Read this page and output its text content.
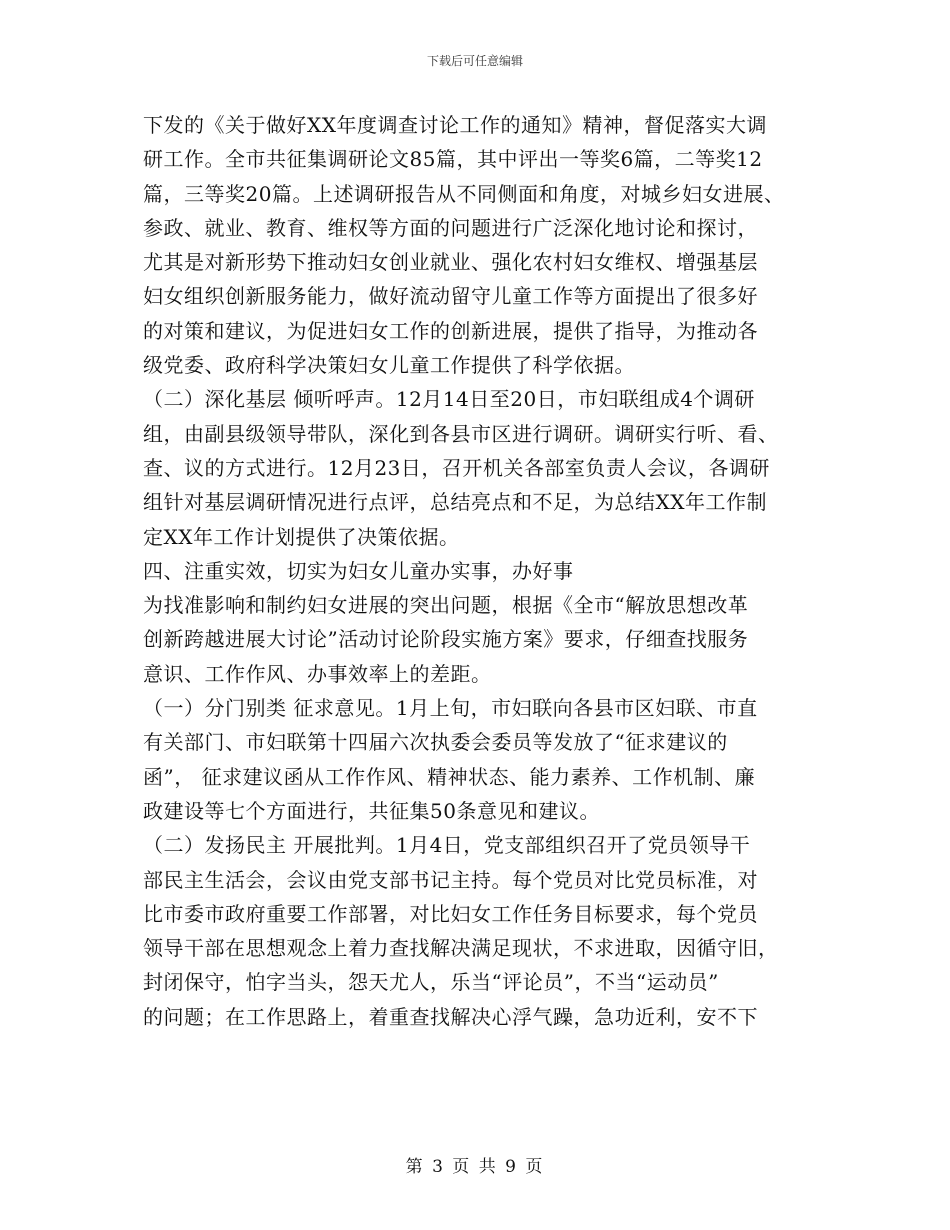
下载后可任意编辑
下发的《关于做好XX年度调查讨论工作的通知》精神，督促落实大调
研工作。全市共征集调研论文85篇，其中评出一等奖6篇，二等奖12
篇，三等奖20篇。上述调研报告从不同侧面和角度，对城乡妇女进展、
参政、就业、教育、维权等方面的问题进行广泛深化地讨论和探讨，
尤其是对新形势下推动妇女创业就业、强化农村妇女维权、增强基层
妇女组织创新服务能力，做好流动留守儿童工作等方面提出了很多好
的对策和建议，为促进妇女工作的创新进展，提供了指导，为推动各
级党委、政府科学决策妇女儿童工作提供了科学依据。
（二）深化基层 倾听呼声。12月14日至20日，市妇联组成4个调研
组，由副县级领导带队，深化到各县市区进行调研。调研实行听、看、
查、议的方式进行。12月23日，召开机关各部室负责人会议，各调研
组针对基层调研情况进行点评，总结亮点和不足，为总结XX年工作制
定XX年工作计划提供了决策依据。
四、注重实效，切实为妇女儿童办实事，办好事
为找准影响和制约妇女进展的突出问题，根据《全市“解放思想改革
创新跨越进展大讨论”活动讨论阶段实施方案》要求，仔细查找服务
意识、工作作风、办事效率上的差距。
（一）分门别类 征求意见。1月上旬，市妇联向各县市区妇联、市直
有关部门、市妇联第十四届六次执委会委员等发放了“征求建议的
函”， 征求建议函从工作作风、精神状态、能力素养、工作机制、廉
政建设等七个方面进行，共征集50条意见和建议。
（二）发扬民主 开展批判。1月4日，党支部组织召开了党员领导干
部民主生活会，会议由党支部书记主持。每个党员对比党员标准，对
比市委市政府重要工作部署，对比妇女工作任务目标要求，每个党员
领导干部在思想观念上着力查找解决满足现状，不求进取，因循守旧，
封闭保守，怕字当头，怨天尤人，乐当“评论员”，不当“运动员”
的问题；在工作思路上，着重查找解决心浮气躁，急功近利，安不下
第 3 页 共 9 页
